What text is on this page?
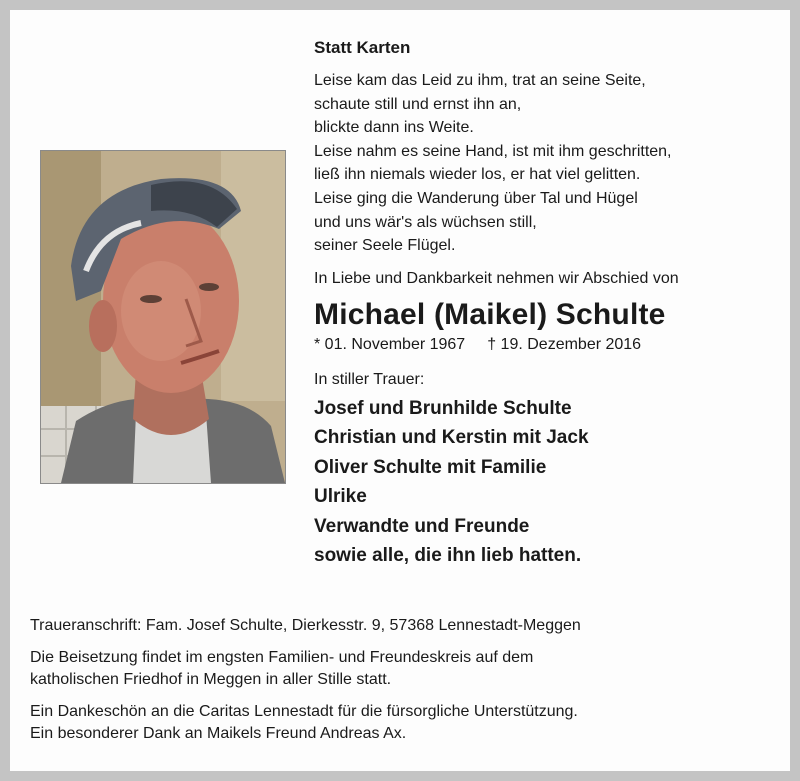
Statt Karten
Leise kam das Leid zu ihm, trat an seine Seite,
schaute still und ernst ihn an,
blickte dann ins Weite.
Leise nahm es seine Hand, ist mit ihm geschritten,
ließ ihn niemals wieder los, er hat viel gelitten.
Leise ging die Wanderung über Tal und Hügel
und uns wär's als wüchsen still,
seiner Seele Flügel.
In Liebe und Dankbarkeit nehmen wir Abschied von
Michael (Maikel) Schulte
* 01. November 1967 † 19. Dezember 2016
In stiller Trauer:
Josef und Brunhilde Schulte
Christian und Kerstin mit Jack
Oliver Schulte mit Familie
Ulrike
Verwandte und Freunde
sowie alle, die ihn lieb hatten.

Traueranschrift: Fam. Josef Schulte, Dierkesstr. 9, 57368 Lennestadt-Meggen

Die Beisetzung findet im engsten Familien- und Freundeskreis auf dem

katholischen Friedhof in Meggen in aller Stille statt.

Ein Dankeschön an die Caritas Lennestadt für die fürsorgliche Unterstützung.

Ein besonderer Dank an Maikels Freund Andreas Ax.
